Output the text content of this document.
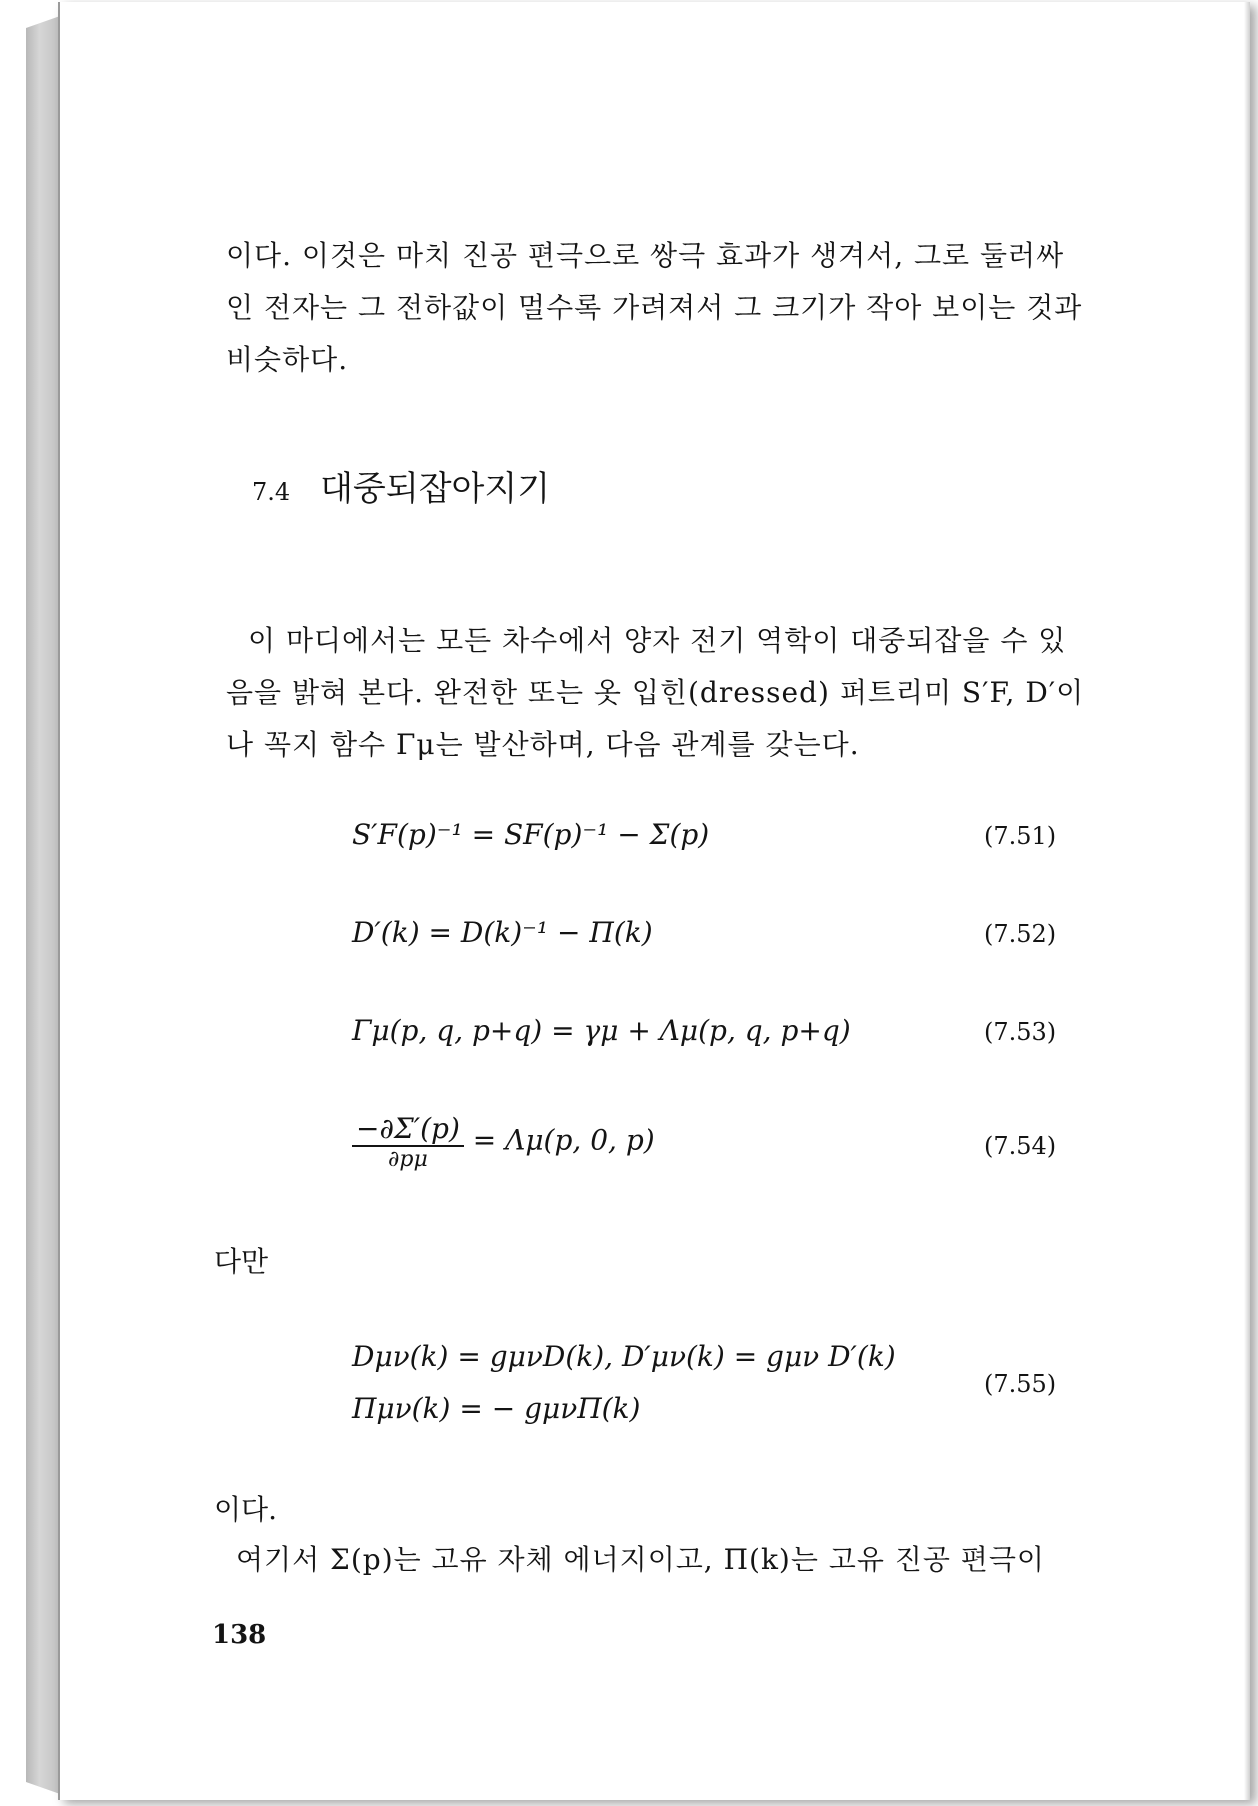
이다. 이것은 마치 진공 편극으로 쌍극 효과가 생겨서, 그로 둘러싸

인 전자는 그 전하값이 멀수록 가려져서 그 크기가 작아 보이는 것과

비슷하다.

7.4 대중되잡아지기

이 마디에서는 모든 차수에서 양자 전기 역학이 대중되잡을 수 있

음을 밝혀 본다. 완전한 또는 옷 입힌(dressed) 퍼트리미 S′F, D′이

나 꼭지 함수 Γμ는 발산하며, 다음 관계를 갖는다.

S′F(p)⁻¹ = SF(p)⁻¹ − Σ(p)	(7.51)
D′(k) = D(k)⁻¹ − Π(k)	(7.52)
Γμ(p, q, p+q) = γμ + Λμ(p, q, p+q)	(7.53)
$\frac{-\partial\Sigma'(p)}{\partial p\mu} = \Lambda\mu(p$, 0, p)	(7.54)
다만
Dμν(k) = gμνD(k), D′μν(k) = gμν D′(k)
Πμν(k) = − gμνΠ(k)
(7.55)
이다.
여기서 Σ(p)는 고유 자체 에너지이고, Π(k)는 고유 진공 편극이
138
